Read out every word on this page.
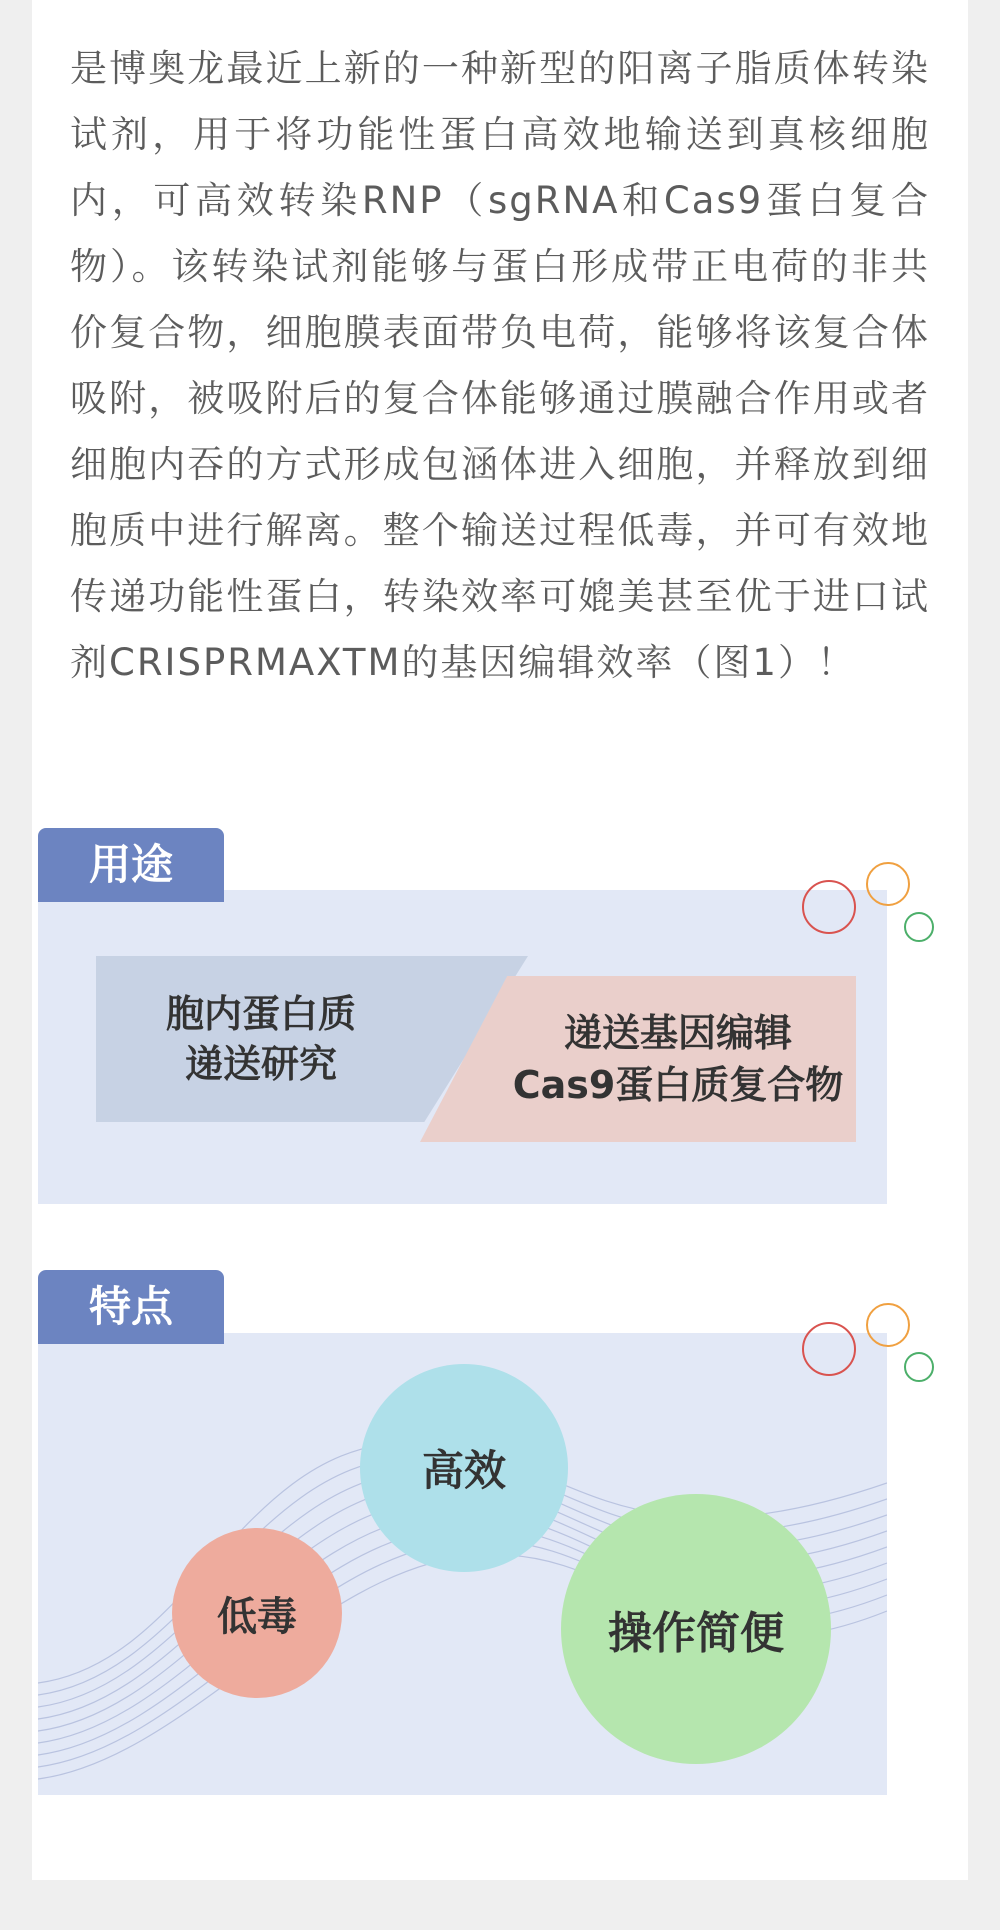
是博奥龙最近上新的一种新型的阳离子脂质体转染试剂，用于将功能性蛋白高效地输送到真核细胞内，可高效转染RNP（sgRNA和Cas9蛋白复合物）。该转染试剂能够与蛋白形成带正电荷的非共价复合物，细胞膜表面带负电荷，能够将该复合体吸附，被吸附后的复合体能够通过膜融合作用或者细胞内吞的方式形成包涵体进入细胞，并释放到细胞质中进行解离。整个输送过程低毒，并可有效地传递功能性蛋白，转染效率可媲美甚至优于进口试剂CRISPRMAXTM的基因编辑效率（图1）！

用途
胞内蛋白质
递送研究
递送基因编辑
Cas9蛋白质复合物
特点
高效
低毒	操作简便
